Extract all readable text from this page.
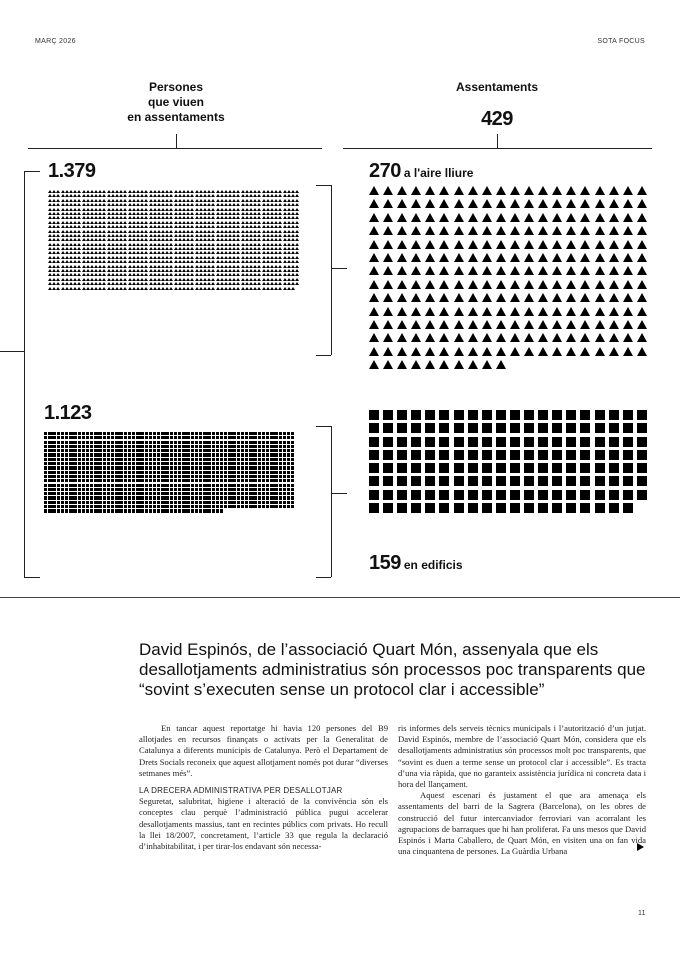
MARÇ 2026	SOTA FOCUS
Persones
que viuen
en assentaments
Assentaments
429
1.379
1.123
270 a l'aire lliure
159 en edificis
David Espinós, de l’associació Quart Món, assenyala que els desallotjaments administratius són processos poc transparents que “sovint s’executen sense un protocol clar i accessible”

En tancar aquest reportatge hi havia 120 persones del B9 allotjades en recursos finançats o activats per la Generalitat de Catalunya a diferents municipis de Catalunya. Però el Departament de Drets Socials reconeix que aquest allotjament només pot durar “diverses setmanes més”.

LA DRECERA ADMINISTRATIVA PER DESALLOTJAR

Seguretat, salubritat, higiene i alteració de la convivència són els conceptes clau perquè l’administració pública pugui accelerar desallotjaments massius, tant en recintes públics com privats. Ho recull la llei 18/2007, concretament, l’article 33 que regula la declaració d’inhabitabilitat, i per tirar-los endavant són necessa-

ris informes dels serveis tècnics municipals i l’autorització d’un jutjat. David Espinós, membre de l’associació Quart Món, considera que els desallotjaments administratius són processos molt poc transparents, que “sovint es duen a terme sense un protocol clar i accessible”. Es tracta d’una via ràpida, que no garanteix assistència jurídica ni concreta data i hora del llançament.

Aquest escenari és justament el que ara amenaça els assentaments del barri de la Sagrera (Barcelona), on les obres de construcció del futur intercanviador ferroviari van acorralant les agrupacions de barraques que hi han proliferat. Fa uns mesos que David Espinós i Marta Caballero, de Quart Món, en visiten una on fan vida una cinquantena de persones. La Guàrdia Urbana

11
